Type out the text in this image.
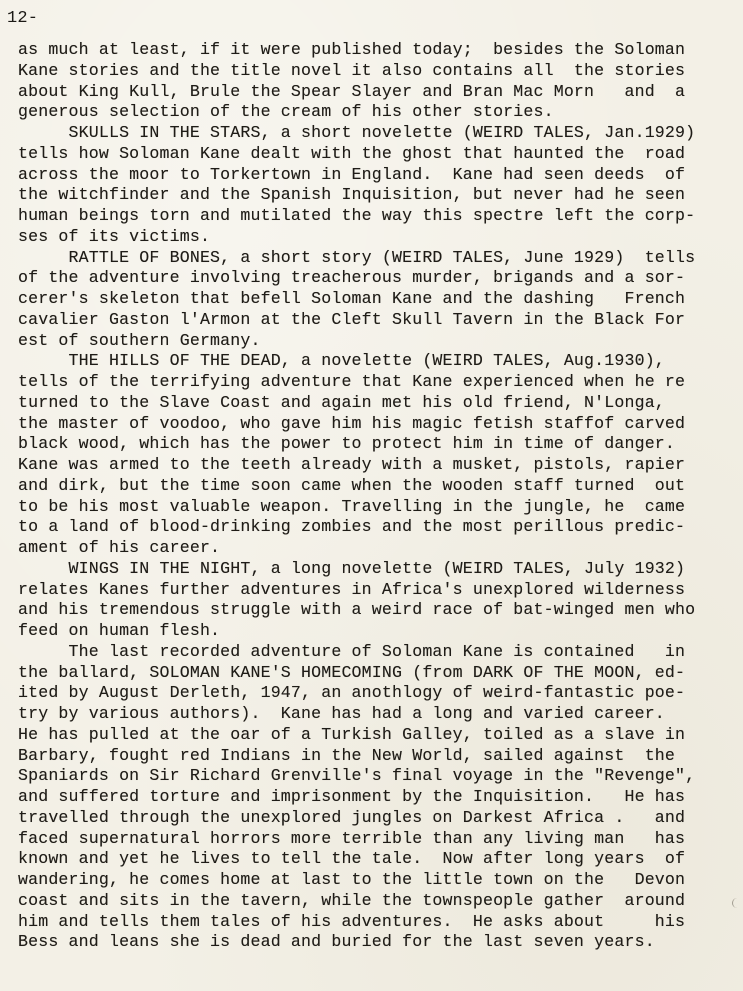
12-
as much at least, if it were published today;  besides the Soloman
Kane stories and the title novel it also contains all  the stories
about King Kull, Brule the Spear Slayer and Bran Mac Morn   and  a
generous selection of the cream of his other stories.
SKULLS IN THE STARS, a short novelette (WEIRD TALES, Jan.1929)
tells how Soloman Kane dealt with the ghost that haunted the  road
across the moor to Torkertown in England.  Kane had seen deeds  of
the witchfinder and the Spanish Inquisition, but never had he seen
human beings torn and mutilated the way this spectre left the corp-
ses of its victims.
RATTLE OF BONES, a short story (WEIRD TALES, June 1929)  tells
of the adventure involving treacherous murder, brigands and a sor-
cerer's skeleton that befell Soloman Kane and the dashing   French
cavalier Gaston l'Armon at the Cleft Skull Tavern in the Black For
est of southern Germany.
THE HILLS OF THE DEAD, a novelette (WEIRD TALES, Aug.1930),
tells of the terrifying adventure that Kane experienced when he re
turned to the Slave Coast and again met his old friend, N'Longa,
the master of voodoo, who gave him his magic fetish staffof carved
black wood, which has the power to protect him in time of danger.
Kane was armed to the teeth already with a musket, pistols, rapier
and dirk, but the time soon came when the wooden staff turned  out
to be his most valuable weapon. Travelling in the jungle, he  came
to a land of blood-drinking zombies and the most perillous predic-
ament of his career.
WINGS IN THE NIGHT, a long novelette (WEIRD TALES, July 1932)
relates Kanes further adventures in Africa's unexplored wilderness
and his tremendous struggle with a weird race of bat-winged men who
feed on human flesh.
The last recorded adventure of Soloman Kane is contained   in
the ballard, SOLOMAN KANE'S HOMECOMING (from DARK OF THE MOON, ed-
ited by August Derleth, 1947, an anothlogy of weird-fantastic poe-
try by various authors).  Kane has had a long and varied career.
He has pulled at the oar of a Turkish Galley, toiled as a slave in
Barbary, fought red Indians in the New World, sailed against  the
Spaniards on Sir Richard Grenville's final voyage in the "Revenge",
and suffered torture and imprisonment by the Inquisition.   He has
travelled through the unexplored jungles on Darkest Africa .   and
faced supernatural horrors more terrible than any living man   has
known and yet he lives to tell the tale.  Now after long years  of
wandering, he comes home at last to the little town on the   Devon
coast and sits in the tavern, while the townspeople gather  around
him and tells them tales of his adventures.  He asks about     his
Bess and leans she is dead and buried for the last seven years.
